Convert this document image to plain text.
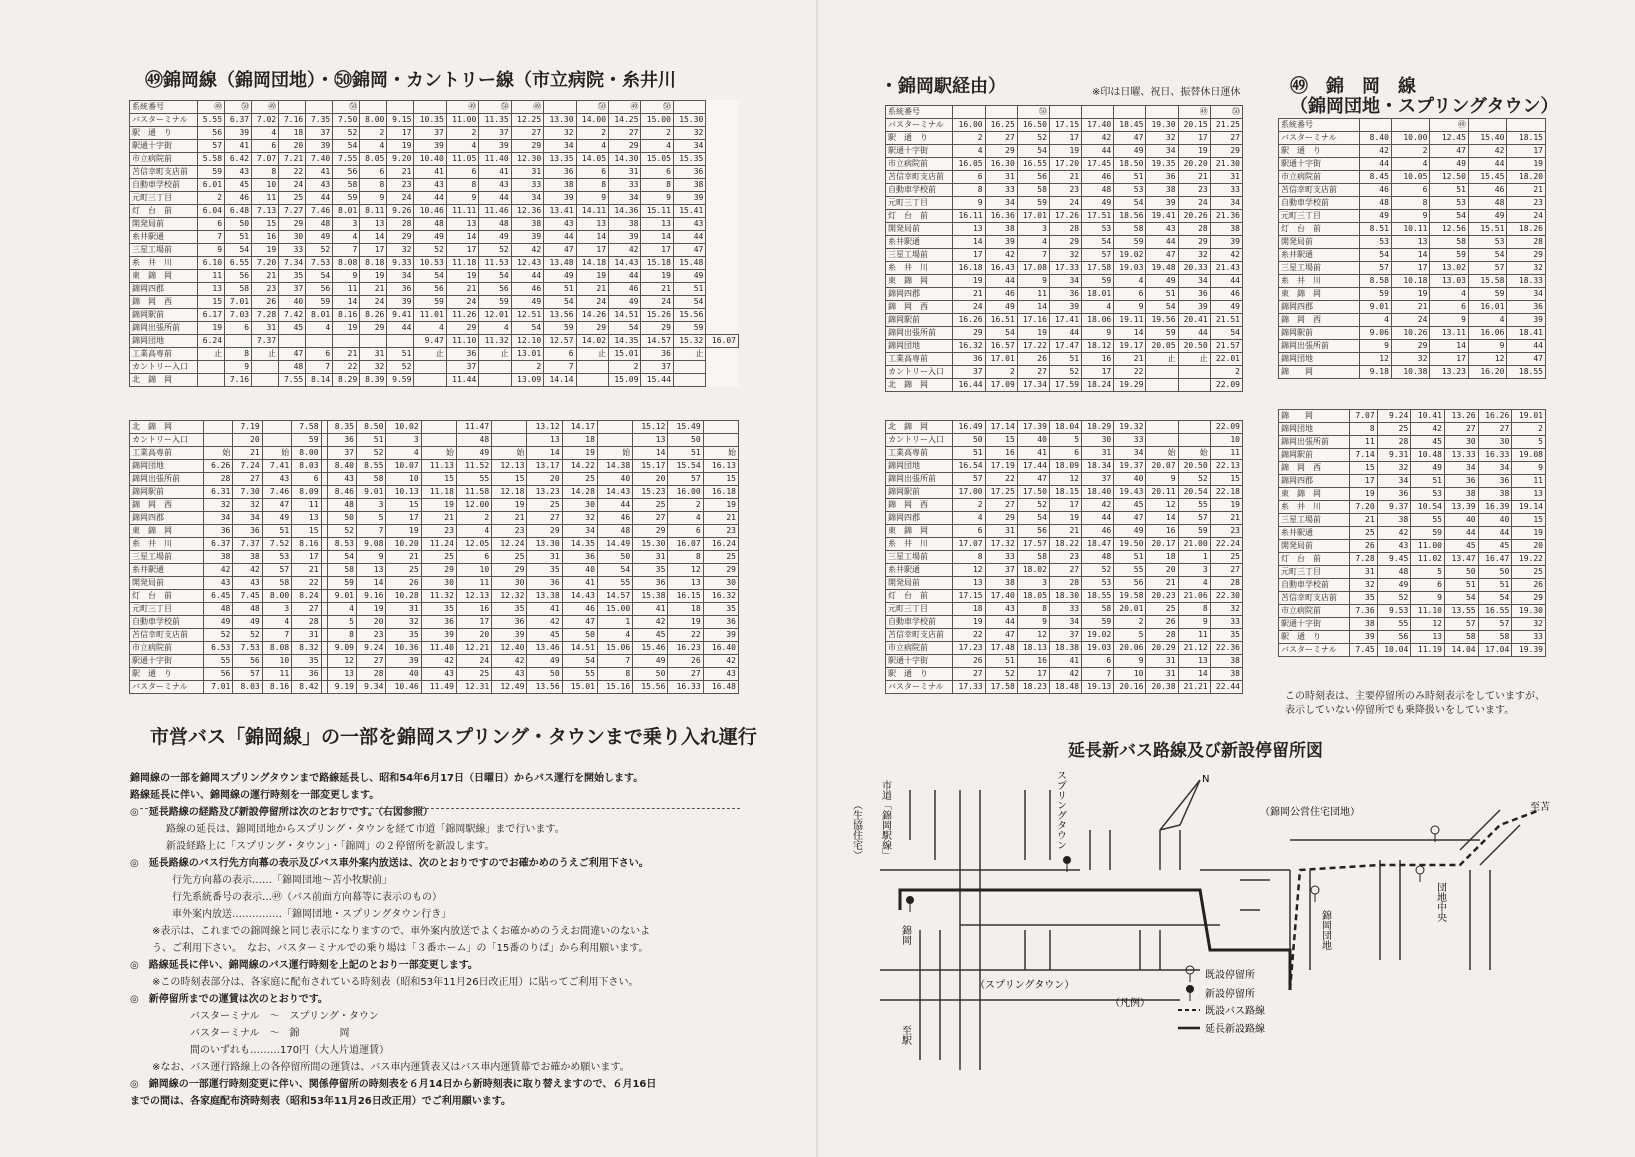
㊾錦岡線（錦岡団地）・㊿錦岡・カントリー線（市立病院・糸井川
系統番号	㊾	㊿	㊾			㊿				㊾	㊿	㊾		㊿	㊾	㊿		
バスターミナル	5.55	6.37	7.02	7.16	7.35	7.50	8.00	9.15	10.35	11.00	11.35	12.25	13.30	14.00	14.25	15.00	15.30	
駅　通　り	56	39	4	18	37	52	2	17	37	2	37	27	32	2	27	2	32	
駅通十字街	57	41	6	20	39	54	4	19	39	4	39	29	34	4	29	4	34	
市立病院前	5.58	6.42	7.07	7.21	7.40	7.55	8.05	9.20	10.40	11.05	11.40	12.30	13.35	14.05	14.30	15.05	15.35	
苫信幸町支店前	59	43	8	22	41	56	6	21	41	6	41	31	36	6	31	6	36	
自動車学校前	6.01	45	10	24	43	58	8	23	43	8	43	33	38	8	33	8	38	
元町三丁目	2	46	11	25	44	59	9	24	44	9	44	34	39	9	34	9	39	
灯　台　前	6.04	6.48	7.13	7.27	7.46	8.01	8.11	9.26	10.46	11.11	11.46	12.36	13.41	14.11	14.36	15.11	15.41	
開発局前	6	50	15	29	48	3	13	28	48	13	48	38	43	13	38	13	43	
糸井駅通	7	51	16	30	49	4	14	29	49	14	49	39	44	14	39	14	44	
三星工場前	9	54	19	33	52	7	17	32	52	17	52	42	47	17	42	17	47	
糸　井　川	6.10	6.55	7.20	7.34	7.53	8.08	8.18	9.33	10.53	11.18	11.53	12.43	13.48	14.18	14.43	15.18	15.48	
東　錦　岡	11	56	21	35	54	9	19	34	54	19	54	44	49	19	44	19	49	
錦岡四郡	13	58	23	37	56	11	21	36	56	21	56	46	51	21	46	21	51	
錦　岡　西	15	7.01	26	40	59	14	24	39	59	24	59	49	54	24	49	24	54	
錦岡駅前	6.17	7.03	7.28	7.42	8.01	8.16	8.26	9.41	11.01	11.26	12.01	12.51	13.56	14.26	14.51	15.26	15.56	
錦岡出張所前	19	6	31	45	4	19	29	44	4	29	4	54	59	29	54	29	59	
錦岡団地	6.24		7.37						9.47	11.10	11.32	12.10	12.57	14.02	14.35	14.57	15.32	16.07
工業高専前	止	8	止	47	6	21	31	51	止	36	止	13.01	6	止	15.01	36	止	
カントリー入口		9		48	7	22	32	52		37		2	7		2	37		
北　錦　岡		7.16		7.55	8.14	8.29	8.39	9.59		11.44		13.09	14.14		15.09	15.44		
北　錦　岡		7.19		7.58		8.35	8.50	10.02		11.47		13.12	14.17		15.12	15.49	
カントリー入口		20		59		36	51	3		48		13	18		13	50	
工業高専前	始	21	始	8.00		37	52	4	始	49	始	14	19	始	14	51	始
錦岡団地	6.26	7.24	7.41	8.03		8.40	8.55	10.07	11.13	11.52	12.13	13.17	14.22	14.38	15.17	15.54	16.13
錦岡出張所前	28	27	43	6		43	58	10	15	55	15	20	25	40	20	57	15
錦岡駅前	6.31	7.30	7.46	8.09		8.46	9.01	10.13	11.18	11.58	12.18	13.23	14.28	14.43	15.23	16.00	16.18
錦　岡　西	32	32	47	11		48	3	15	19	12.00	19	25	30	44	25	2	19
錦岡四郡	34	34	49	13		50	5	17	21	2	21	27	32	46	27	4	21
東　錦　岡	36	36	51	15		52	7	19	23	4	23	29	34	48	29	6	23
糸　井　川	6.37	7.37	7.52	8.16		8.53	9.08	10.20	11.24	12.05	12.24	13.30	14.35	14.49	15.30	16.07	16.24
三星工場前	38	38	53	17		54	9	21	25	6	25	31	36	50	31	8	25
糸井駅通	42	42	57	21		58	13	25	29	10	29	35	40	54	35	12	29
開発局前	43	43	58	22		59	14	26	30	11	30	36	41	55	36	13	30
灯　台　前	6.45	7.45	8.00	8.24		9.01	9.16	10.28	11.32	12.13	12.32	13.38	14.43	14.57	15.38	16.15	16.32
元町三丁目	48	48	3	27		4	19	31	35	16	35	41	46	15.00	41	18	35
自動車学校前	49	49	4	28		5	20	32	36	17	36	42	47	1	42	19	36
苫信幸町支店前	52	52	7	31		8	23	35	39	20	39	45	50	4	45	22	39
市立病院前	6.53	7.53	8.08	8.32		9.09	9.24	10.36	11.40	12.21	12.40	13.46	14.51	15.06	15.46	16.23	16.40
駅通十字街	55	56	10	35		12	27	39	42	24	42	49	54	7	49	26	42
駅　通　り	56	57	11	36		13	28	40	43	25	43	50	55	8	50	27	43
バスターミナル	7.01	8.03	8.16	8.42		9.19	9.34	10.46	11.49	12.31	12.49	13.56	15.01	15.16	15.56	16.33	16.48
市営バス「錦岡線」の一部を錦岡スプリング・タウンまで乗り入れ運行

錦岡線の一部を錦岡スプリングタウンまで路線延長し、昭和54年6月17日（日曜日）からバス運行を開始します。

路線延長に伴い、錦岡線の運行時刻を一部変更します。

◎　延長路線の経路及び新設停留所は次のとおりです。（右図参照）

路線の延長は、錦岡団地からスプリング・タウンを経て市道「錦岡駅線」まで行います。

新設経路上に「スプリング・タウン」・「錦岡」の２停留所を新設します。

◎　延長路線のバス行先方向幕の表示及びバス車外案内放送は、次のとおりですのでお確かめのうえご利用下さい。

行先方向幕の表示……「錦岡団地～苫小牧駅前」

行先系統番号の表示…㊾（バス前面方向幕等に表示のもの）

車外案内放送……………「錦岡団地・スプリングタウン行き」

※表示は、これまでの錦岡線と同じ表示になりますので、車外案内放送でよくお確かめのうえお間違いのないよ

う、ご利用下さい。　なお、バスターミナルでの乗り場は「３番ホーム」の「15番のりば」から利用願います。

◎　路線延長に伴い、錦岡線のバス運行時刻を上記のとおり一部変更します。

※この時刻表部分は、各家庭に配布されている時刻表（昭和53年11月26日改正用）に貼ってご利用下さい。

◎　新停留所までの運賃は次のとおりです。

バスターミナル　～　スプリング・タウン

バスターミナル　～　錦　　　　岡

間のいずれも………170円（大人片道運賃）

※なお、バス運行路線上の各停留所間の運賃は、バス車内運賃表又はバス車内運賃幕でお確かめ願います。

◎　錦岡線の一部運行時刻変更に伴い、関係停留所の時刻表を６月14日から新時刻表に取り替えますので、６月16日

までの間は、各家庭配布済時刻表（昭和53年11月26日改正用）でご利用願います。

・錦岡駅経由）	※印は日曜、祝日、振替休日運休
系統番号			㊿					㊾	㊿
バスターミナル	16.00	16.25	16.50	17.15	17.40	18.45	19.30	20.15	21.25
駅　通　り	2	27	52	17	42	47	32	17	27
駅通十字街	4	29	54	19	44	49	34	19	29
市立病院前	16.05	16.30	16.55	17.20	17.45	18.50	19.35	20.20	21.30
苫信幸町支店前	6	31	56	21	46	51	36	21	31
自動車学校前	8	33	58	23	48	53	38	23	33
元町三丁目	9	34	59	24	49	54	39	24	34
灯　台　前	16.11	16.36	17.01	17.26	17.51	18.56	19.41	20.26	21.36
開発局前	13	38	3	28	53	58	43	28	38
糸井駅通	14	39	4	29	54	59	44	29	39
三星工場前	17	42	7	32	57	19.02	47	32	42
糸　井　川	16.18	16.43	17.08	17.33	17.58	19.03	19.48	20.33	21.43
東　錦　岡	19	44	9	34	59	4	49	34	44
錦岡四郡	21	46	11	36	18.01	6	51	36	46
錦　岡　西	24	49	14	39	4	9	54	39	49
錦岡駅前	16.26	16.51	17.16	17.41	18.06	19.11	19.56	20.41	21.51
錦岡出張所前	29	54	19	44	9	14	59	44	54
錦岡団地	16.32	16.57	17.22	17.47	18.12	19.17	20.05	20.50	21.57
工業高専前	36	17.01	26	51	16	21	止	止	22.01
カントリー入口	37	2	27	52	17	22			2
北　錦　岡	16.44	17.09	17.34	17.59	18.24	19.29			22.09
北　錦　岡	16.49	17.14	17.39	18.04	18.29	19.32			22.09
カントリー入口	50	15	40	5	30	33			10
工業高専前	51	16	41	6	31	34	始	始	11
錦岡団地	16.54	17.19	17.44	18.09	18.34	19.37	20.07	20.50	22.13
錦岡出張所前	57	22	47	12	37	40	9	52	15
錦岡駅前	17.00	17.25	17.50	18.15	18.40	19.43	20.11	20.54	22.18
錦　岡　西	2	27	52	17	42	45	12	55	19
錦岡四郡	4	29	54	19	44	47	14	57	21
東　錦　岡	6	31	56	21	46	49	16	59	23
糸　井　川	17.07	17.32	17.57	18.22	18.47	19.50	20.17	21.00	22.24
三星工場前	8	33	58	23	48	51	18	1	25
糸井駅通	12	37	18.02	27	52	55	20	3	27
開発局前	13	38	3	28	53	56	21	4	28
灯　台　前	17.15	17.40	18.05	18.30	18.55	19.58	20.23	21.06	22.30
元町三丁目	18	43	8	33	58	20.01	25	8	32
自動車学校前	19	44	9	34	59	2	26	9	33
苫信幸町支店前	22	47	12	37	19.02	5	28	11	35
市立病院前	17.23	17.48	18.13	18.38	19.03	20.06	20.29	21.12	22.36
駅通十字街	26	51	16	41	6	9	31	13	38
駅　通　り	27	52	17	42	7	10	31	14	38
バスターミナル	17.33	17.58	18.23	18.48	19.13	20.16	20.38	21.21	22.44
㊾　錦　岡　線
（錦岡団地・スプリングタウン）
系統番号			㊾		
バスターミナル	8.40	10.00	12.45	15.40	18.15
駅　通　り	42	2	47	42	17
駅通十字街	44	4	49	44	19
市立病院前	8.45	10.05	12.50	15.45	18.20
苫信幸町支店前	46	6	51	46	21
自動車学校前	48	8	53	48	23
元町三丁目	49	9	54	49	24
灯　台　前	8.51	10.11	12.56	15.51	18.26
開発局前	53	13	58	53	28
糸井駅通	54	14	59	54	29
三星工場前	57	17	13.02	57	32
糸　井　川	8.58	10.18	13.03	15.58	18.33
東　錦　岡	59	19	4	59	34
錦岡四郡	9.01	21	6	16.01	36
錦　岡　西	4	24	9	4	39
錦岡駅前	9.06	10.26	13.11	16.06	18.41
錦岡出張所前	9	29	14	9	44
錦岡団地	12	32	17	12	47
錦　　岡	9.18	10.38	13.23	16.20	18.55
錦　　岡	7.07	9.24	10.41	13.26	16.26	19.01
錦岡団地	8	25	42	27	27	2
錦岡出張所前	11	28	45	30	30	5
錦岡駅前	7.14	9.31	10.48	13.33	16.33	19.08
錦　岡　西	15	32	49	34	34	9
錦岡四郡	17	34	51	36	36	11
東　錦　岡	19	36	53	38	38	13
糸　井　川	7.20	9.37	10.54	13.39	16.39	19.14
三星工場前	21	38	55	40	40	15
糸井駅通	25	42	59	44	44	19
開発局前	26	43	11.00	45	45	20
灯　台　前	7.28	9.45	11.02	13.47	16.47	19.22
元町三丁目	31	48	5	50	50	25
自動車学校前	32	49	6	51	51	26
苫信幸町支店前	35	52	9	54	54	29
市立病院前	7.36	9.53	11.10	13.55	16.55	19.30
駅通十字街	38	55	12	57	57	32
駅　通　り	39	56	13	58	58	33
バスターミナル	7.45	10.04	11.19	14.04	17.04	19.39
この時刻表は、主要停留所のみ時刻表示をしていますが、
表示していない停留所でも乗降扱いをしています。
延長新バス路線及び新設停留所図
（生協住宅） 市道「錦岡駅線」	スプリングタウン
錦岡
（スプリングタウン）
至駅
（錦岡公営住宅団地）
錦岡団地
団地中央
至苫
N
既設停留所
新設停留所
既設バス路線
延長新設路線
（凡例）
